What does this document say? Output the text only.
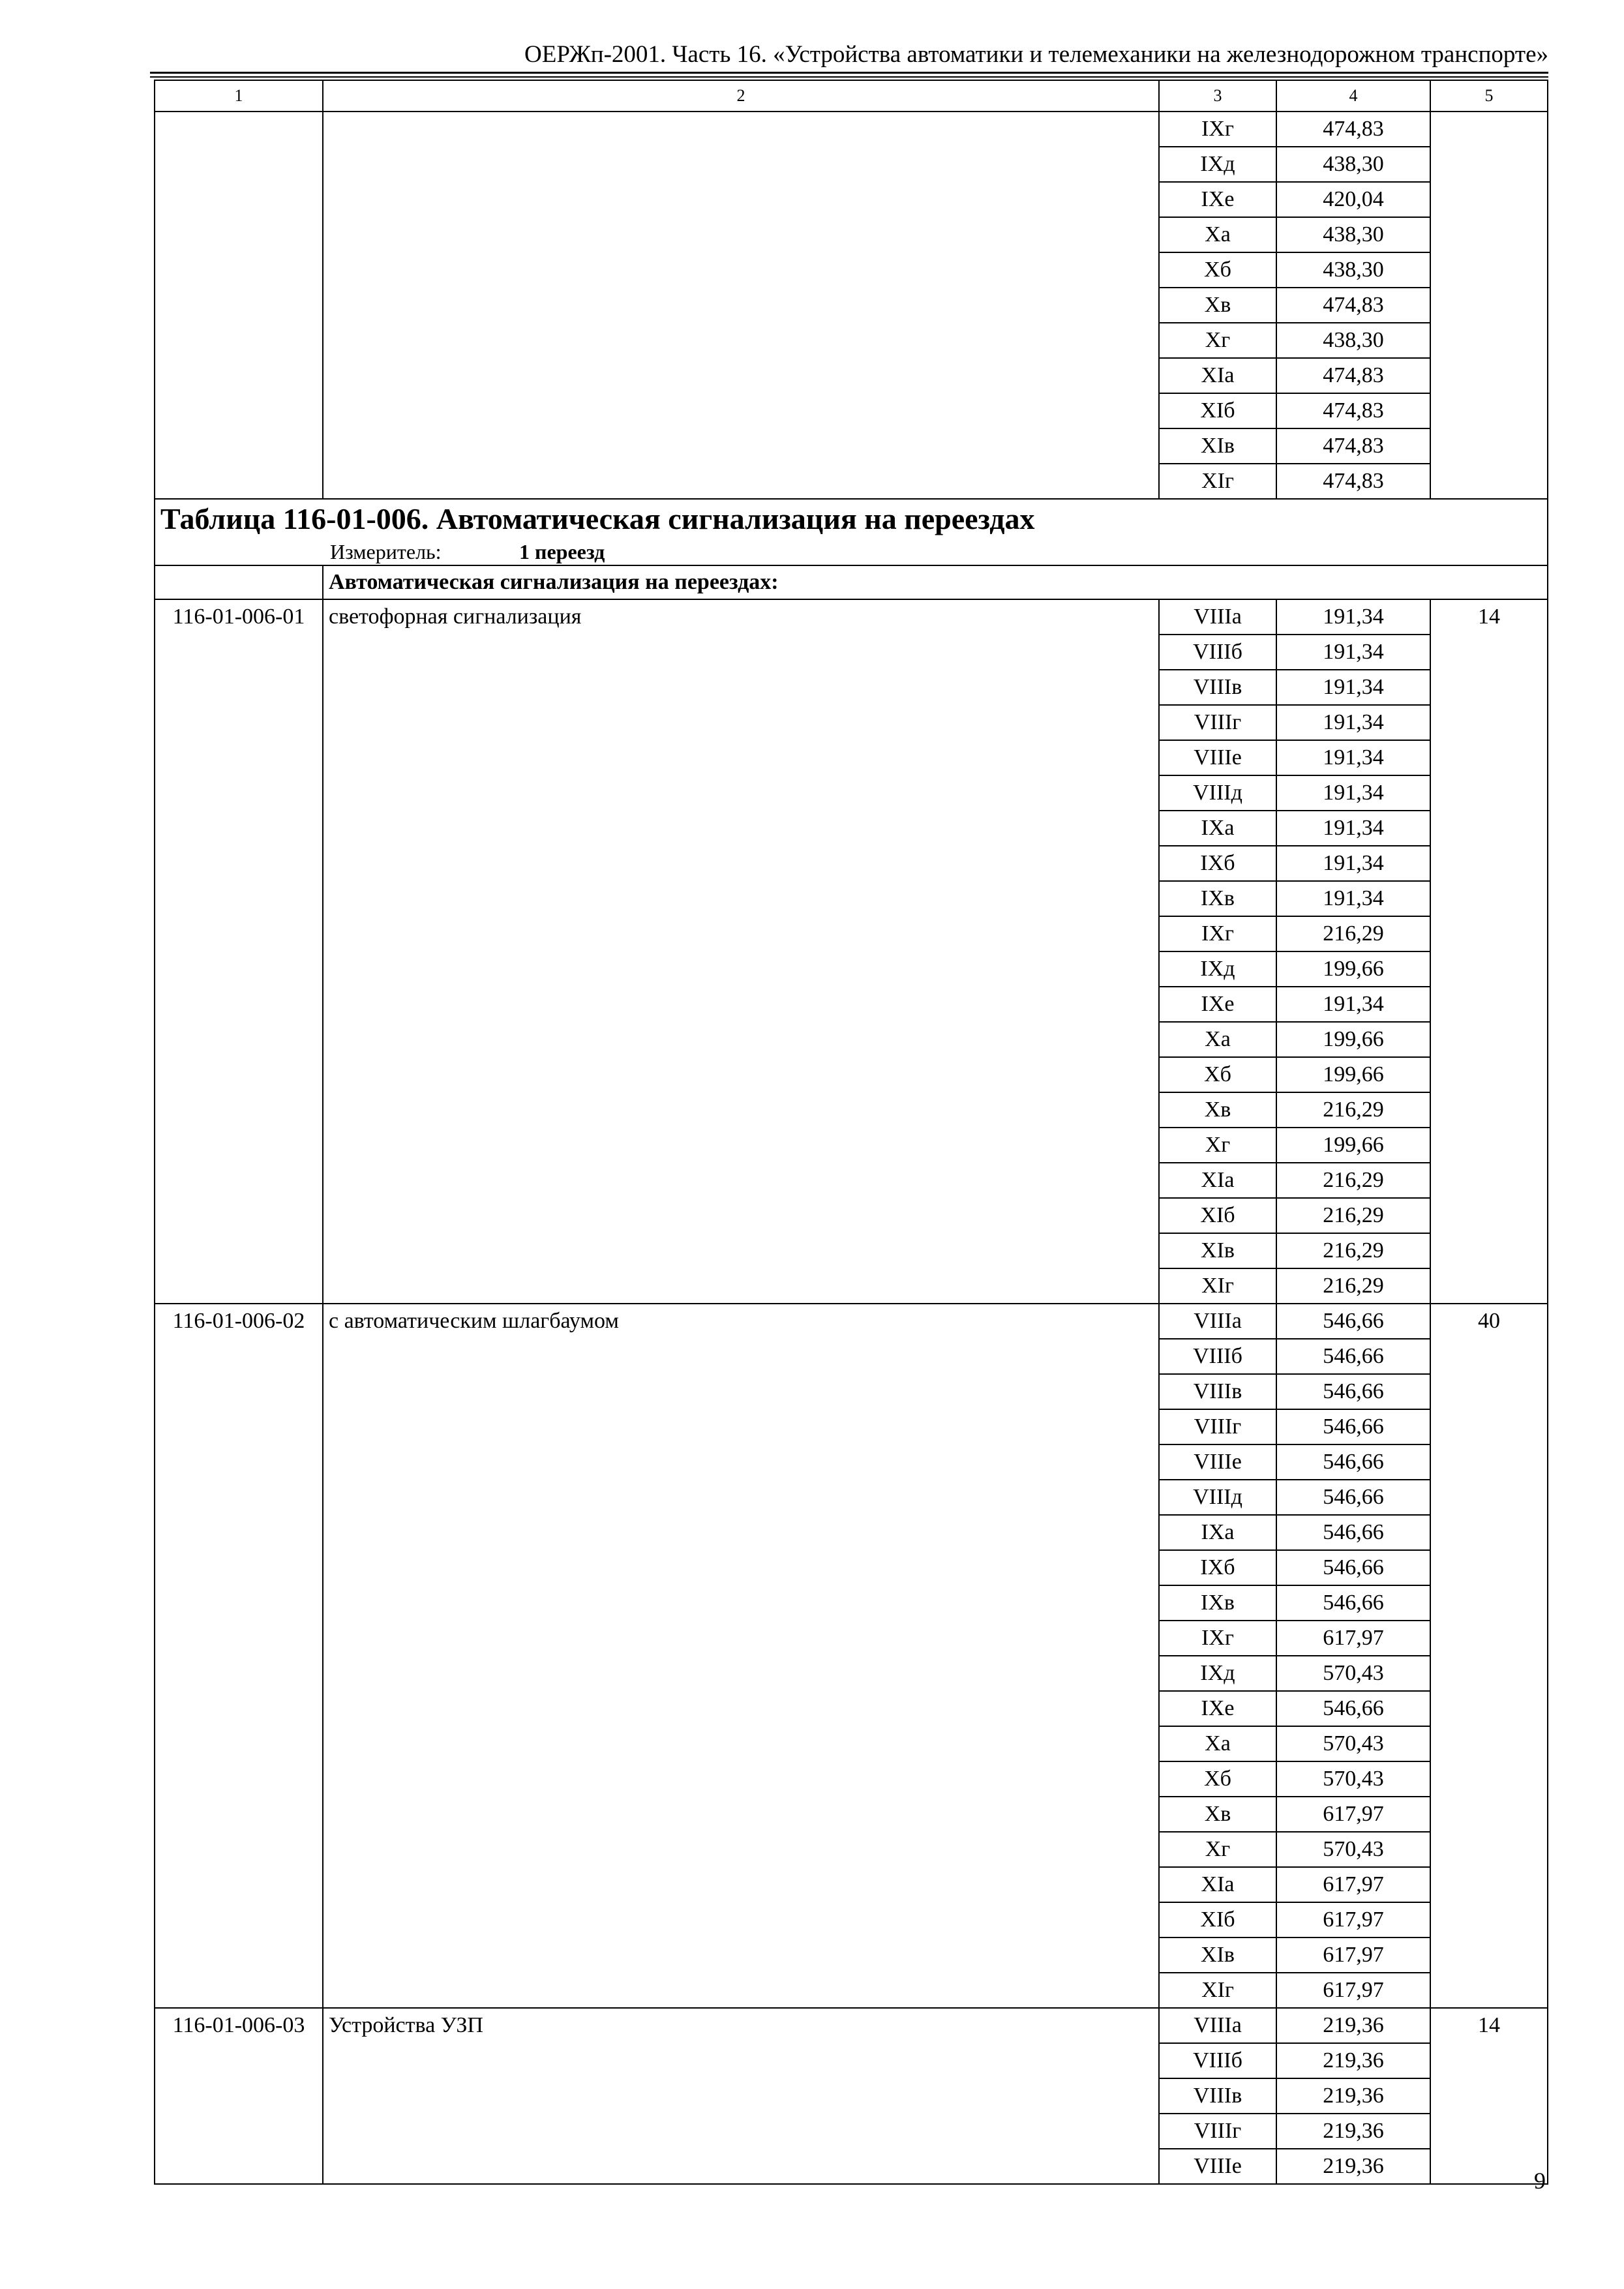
ОЕРЖп-2001. Часть 16. «Устройства автоматики и телемеханики на железнодорожном транспорте»
1	2	3	4	5
		IXг	474,83	
		IXд	438,30	
		IXе	420,04	
		Xа	438,30	
		Xб	438,30	
		Xв	474,83	
		Xг	438,30	
		XIа	474,83	
		XIб	474,83	
		XIв	474,83	
		XIг	474,83	

Таблица 116-01-006. Автоматическая сигнализация на переездах
Измеритель: 1 переезд				

	Автоматическая сигнализация на переездах:			
116-01-006-01	светофорная сигнализация	VIIIа	191,34	14
		VIIIб	191,34	
		VIIIв	191,34	
		VIIIг	191,34	
		VIIIе	191,34	
		VIIIд	191,34	
		IXа	191,34	
		IXб	191,34	
		IXв	191,34	
		IXг	216,29	
		IXд	199,66	
		IXе	191,34	
		Xа	199,66	
		Xб	199,66	
		Xв	216,29	
		Xг	199,66	
		XIа	216,29	
		XIб	216,29	
		XIв	216,29	
		XIг	216,29	
116-01-006-02	с автоматическим шлагбаумом	VIIIа	546,66	40
		VIIIб	546,66	
		VIIIв	546,66	
		VIIIг	546,66	
		VIIIе	546,66	
		VIIIд	546,66	
		IXа	546,66	
		IXб	546,66	
		IXв	546,66	
		IXг	617,97	
		IXд	570,43	
		IXе	546,66	
		Xа	570,43	
		Xб	570,43	
		Xв	617,97	
		Xг	570,43	
		XIа	617,97	
		XIб	617,97	
		XIв	617,97	
		XIг	617,97	
116-01-006-03	Устройства УЗП	VIIIа	219,36	14
		VIIIб	219,36	
		VIIIв	219,36	
		VIIIг	219,36	
		VIIIе	219,36	
9
